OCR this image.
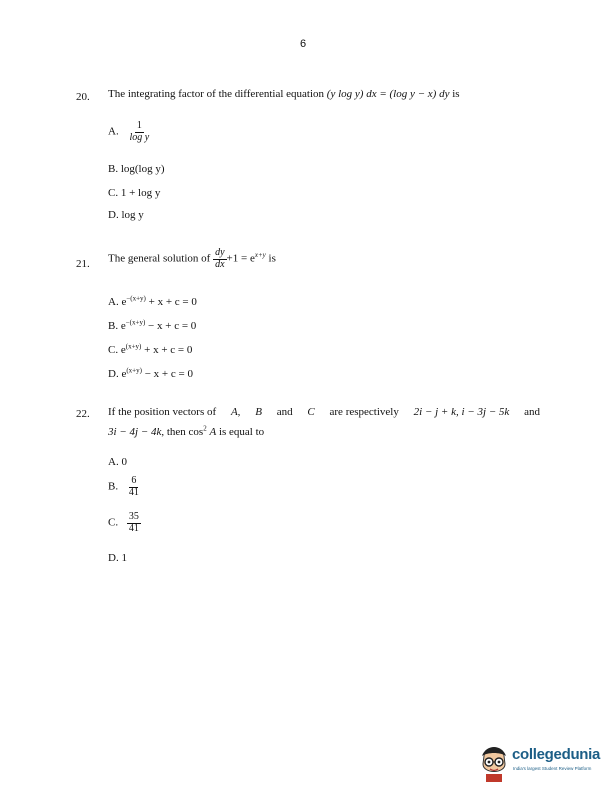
6
20. The integrating factor of the differential equation (y log y) dx = (log y − x) dy is
A. $\frac{1}{\text{log y}}$
B. log(log y)
C. 1 + log y
D. log y
21. The general solution of $\frac{dy}{dx} +1 = e^{x+y}$ is
A. $e^{-(x+y)} + x + c = 0$
B. $e^{-(x+y)} - x + c = 0$
C. $e^{(x+y)} + x + c = 0$
D. $e^{(x+y)} - x + c = 0$
22. If the position vectors of A, B and C are respectively 2i − j + k, i − 3j − 5k and
3i − 4j − 4k, then $\cos^2 A$ is equal to
A. 0
B. $\frac{6}{41}$
C. $\frac{35}{41}$
D. 1
collegedunia
India's largest Student Review Platform
